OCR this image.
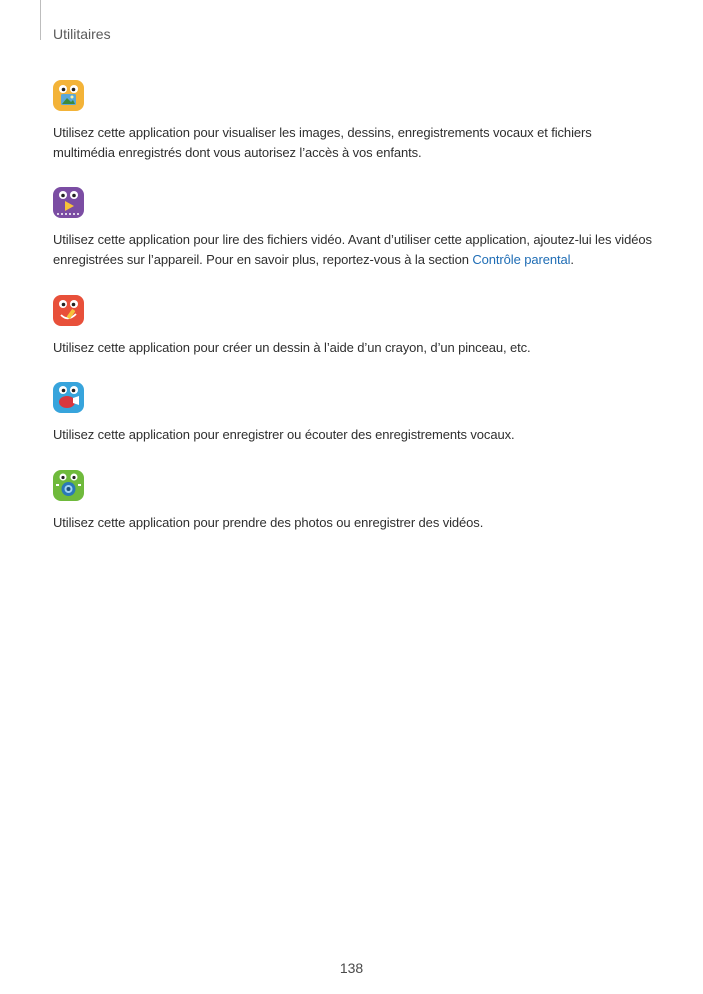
Utilitaires
Utilisez cette application pour visualiser les images, dessins, enregistrements vocaux et fichiers multimédia enregistrés dont vous autorisez l’accès à vos enfants.
Utilisez cette application pour lire des fichiers vidéo. Avant d’utiliser cette application, ajoutez-lui les vidéos enregistrées sur l’appareil. Pour en savoir plus, reportez-vous à la section Contrôle parental.
Utilisez cette application pour créer un dessin à l’aide d’un crayon, d’un pinceau, etc.
Utilisez cette application pour enregistrer ou écouter des enregistrements vocaux.
Utilisez cette application pour prendre des photos ou enregistrer des vidéos.
138
